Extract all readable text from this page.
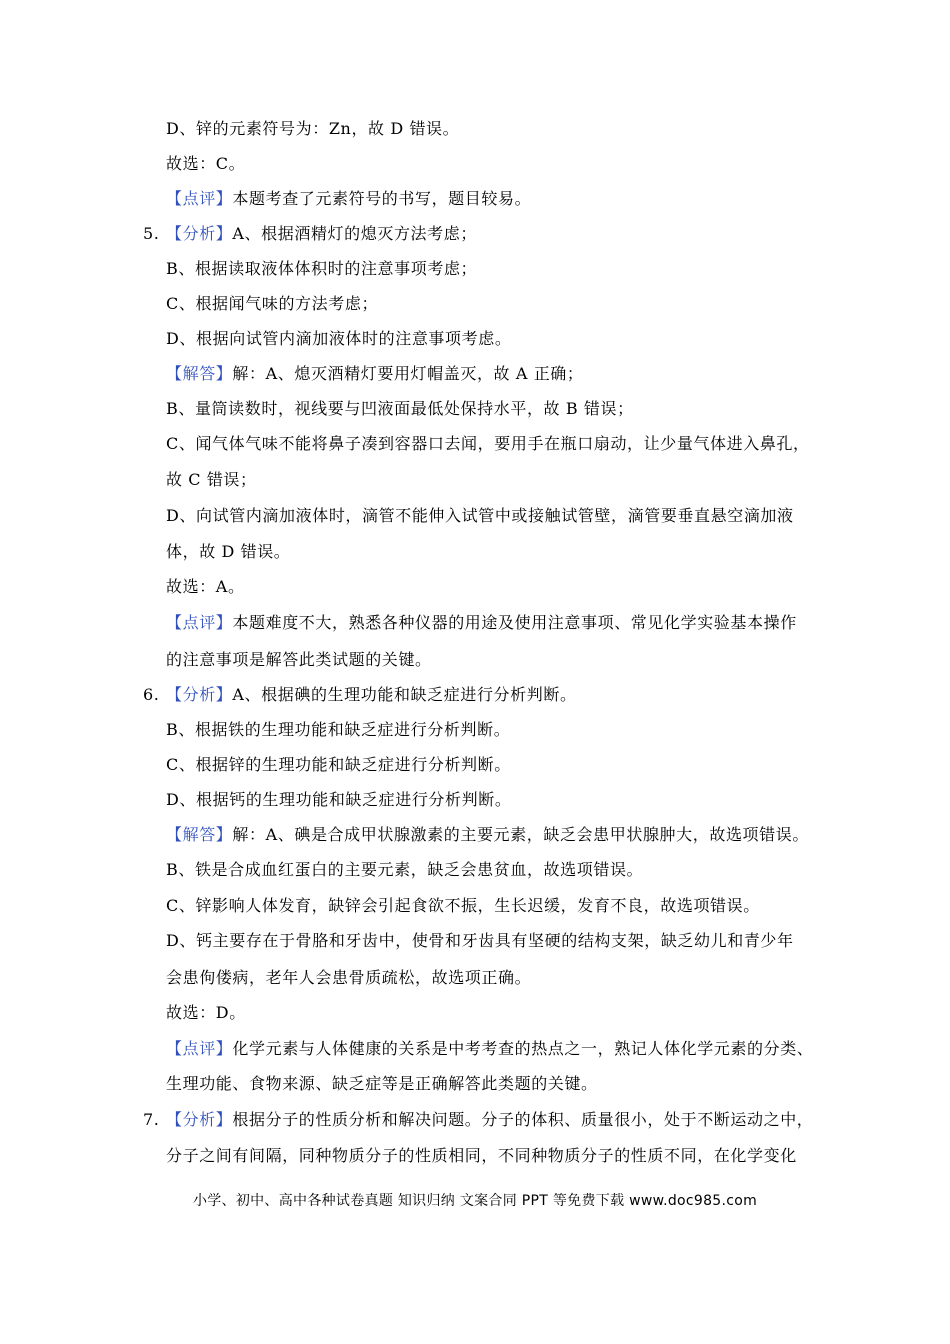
D、锌的元素符号为：Zn，故 D 错误。
故选：C。
【点评】本题考查了元素符号的书写，题目较易。
5. 【分析】A、根据酒精灯的熄灭方法考虑；
B、根据读取液体体积时的注意事项考虑；
C、根据闻气味的方法考虑；
D、根据向试管内滴加液体时的注意事项考虑。
【解答】解：A、熄灭酒精灯要用灯帽盖灭，故 A 正确；
B、量筒读数时，视线要与凹液面最低处保持水平，故 B 错误；
C、闻气体气味不能将鼻子凑到容器口去闻，要用手在瓶口扇动，让少量气体进入鼻孔，
故 C 错误；
D、向试管内滴加液体时，滴管不能伸入试管中或接触试管壁，滴管要垂直悬空滴加液
体，故 D 错误。
故选：A。
【点评】本题难度不大，熟悉各种仪器的用途及使用注意事项、常见化学实验基本操作
的注意事项是解答此类试题的关键。
6. 【分析】A、根据碘的生理功能和缺乏症进行分析判断。
B、根据铁的生理功能和缺乏症进行分析判断。
C、根据锌的生理功能和缺乏症进行分析判断。
D、根据钙的生理功能和缺乏症进行分析判断。
【解答】解：A、碘是合成甲状腺激素的主要元素，缺乏会患甲状腺肿大，故选项错误。
B、铁是合成血红蛋白的主要元素，缺乏会患贫血，故选项错误。
C、锌影响人体发育，缺锌会引起食欲不振，生长迟缓，发育不良，故选项错误。
D、钙主要存在于骨胳和牙齿中，使骨和牙齿具有坚硬的结构支架，缺乏幼儿和青少年
会患佝偻病，老年人会患骨质疏松，故选项正确。
故选：D。
【点评】化学元素与人体健康的关系是中考考查的热点之一，熟记人体化学元素的分类、
生理功能、食物来源、缺乏症等是正确解答此类题的关键。
7. 【分析】根据分子的性质分析和解决问题。分子的体积、质量很小，处于不断运动之中，
分子之间有间隔，同种物质分子的性质相同，不同种物质分子的性质不同，在化学变化
小学、初中、高中各种试卷真题 知识归纳 文案合同 PPT 等免费下载 www.doc985.com
